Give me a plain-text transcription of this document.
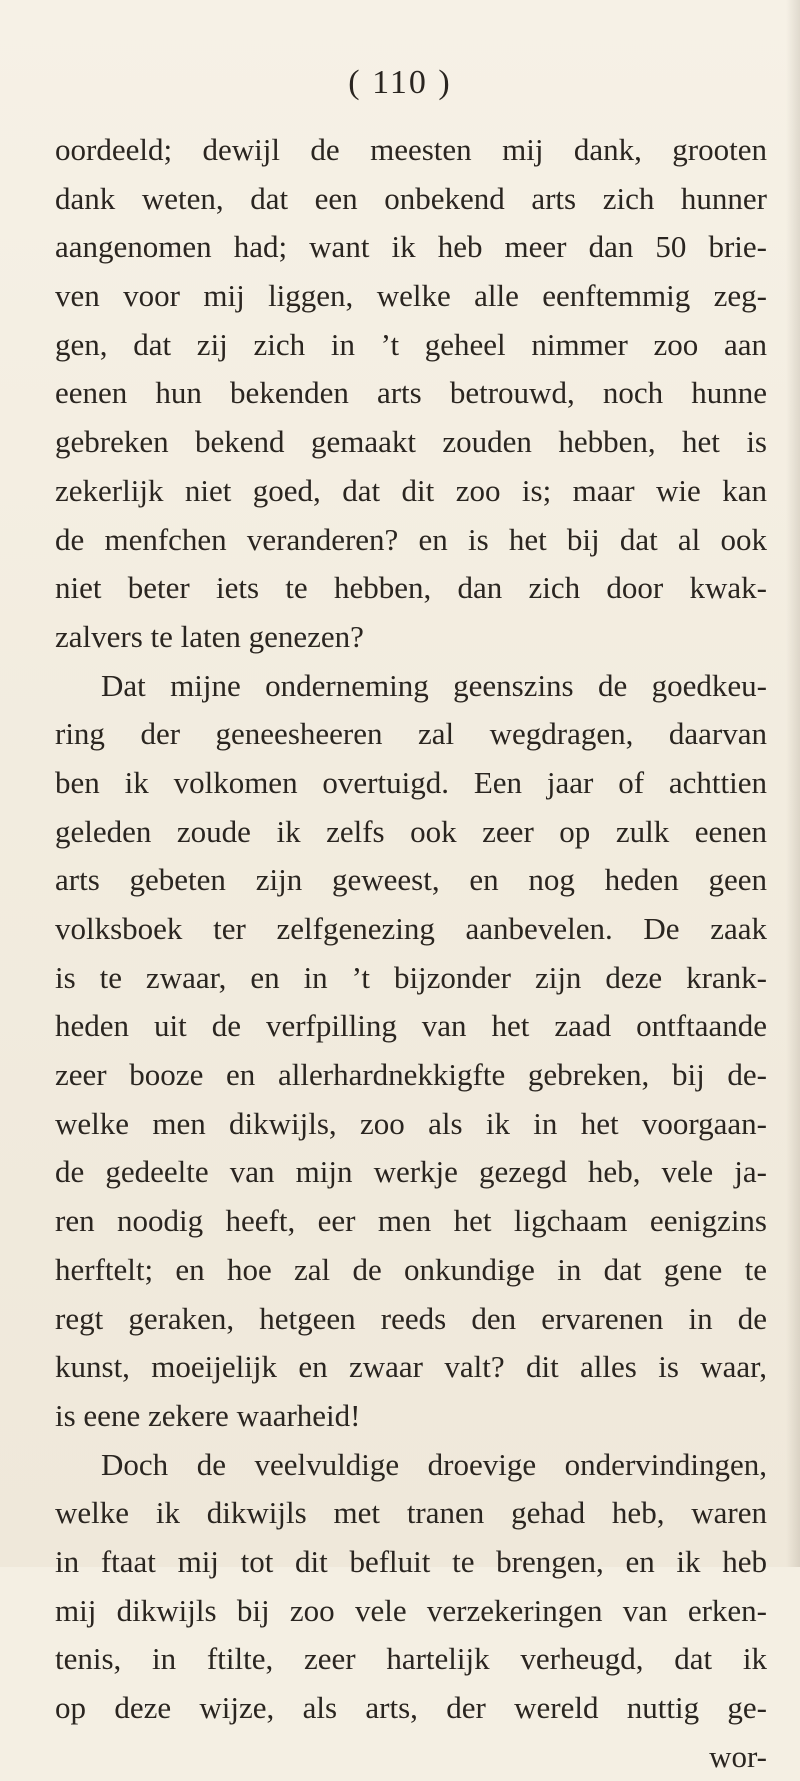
( 110 )
oordeeld; dewijl de meesten mij dank, grooten
dank weten, dat een onbekend arts zich hunner
aangenomen had; want ik heb meer dan 50 brie-
ven voor mij liggen, welke alle eenftemmig zeg-
gen, dat zij zich in ’t geheel nimmer zoo aan
eenen hun bekenden arts betrouwd, noch hunne
gebreken bekend gemaakt zouden hebben, het is
zekerlijk niet goed, dat dit zoo is; maar wie kan
de menfchen veranderen? en is het bij dat al ook
niet beter iets te hebben, dan zich door kwak-
zalvers te laten genezen?
Dat mijne onderneming geenszins de goedkeu-
ring der geneesheeren zal wegdragen, daarvan
ben ik volkomen overtuigd. Een jaar of achttien
geleden zoude ik zelfs ook zeer op zulk eenen
arts gebeten zijn geweest, en nog heden geen
volksboek ter zelfgenezing aanbevelen. De zaak
is te zwaar, en in ’t bijzonder zijn deze krank-
heden uit de verfpilling van het zaad ontftaande
zeer booze en allerhardnekkigfte gebreken, bij de-
welke men dikwijls, zoo als ik in het voorgaan-
de gedeelte van mijn werkje gezegd heb, vele ja-
ren noodig heeft, eer men het ligchaam eenigzins
herftelt; en hoe zal de onkundige in dat gene te
regt geraken, hetgeen reeds den ervarenen in de
kunst, moeijelijk en zwaar valt? dit alles is waar,
is eene zekere waarheid!
Doch de veelvuldige droevige ondervindingen,
welke ik dikwijls met tranen gehad heb, waren
in ftaat mij tot dit befluit te brengen, en ik heb
mij dikwijls bij zoo vele verzekeringen van erken-
tenis, in ftilte, zeer hartelijk verheugd, dat ik
op deze wijze, als arts, der wereld nuttig ge-
wor-
